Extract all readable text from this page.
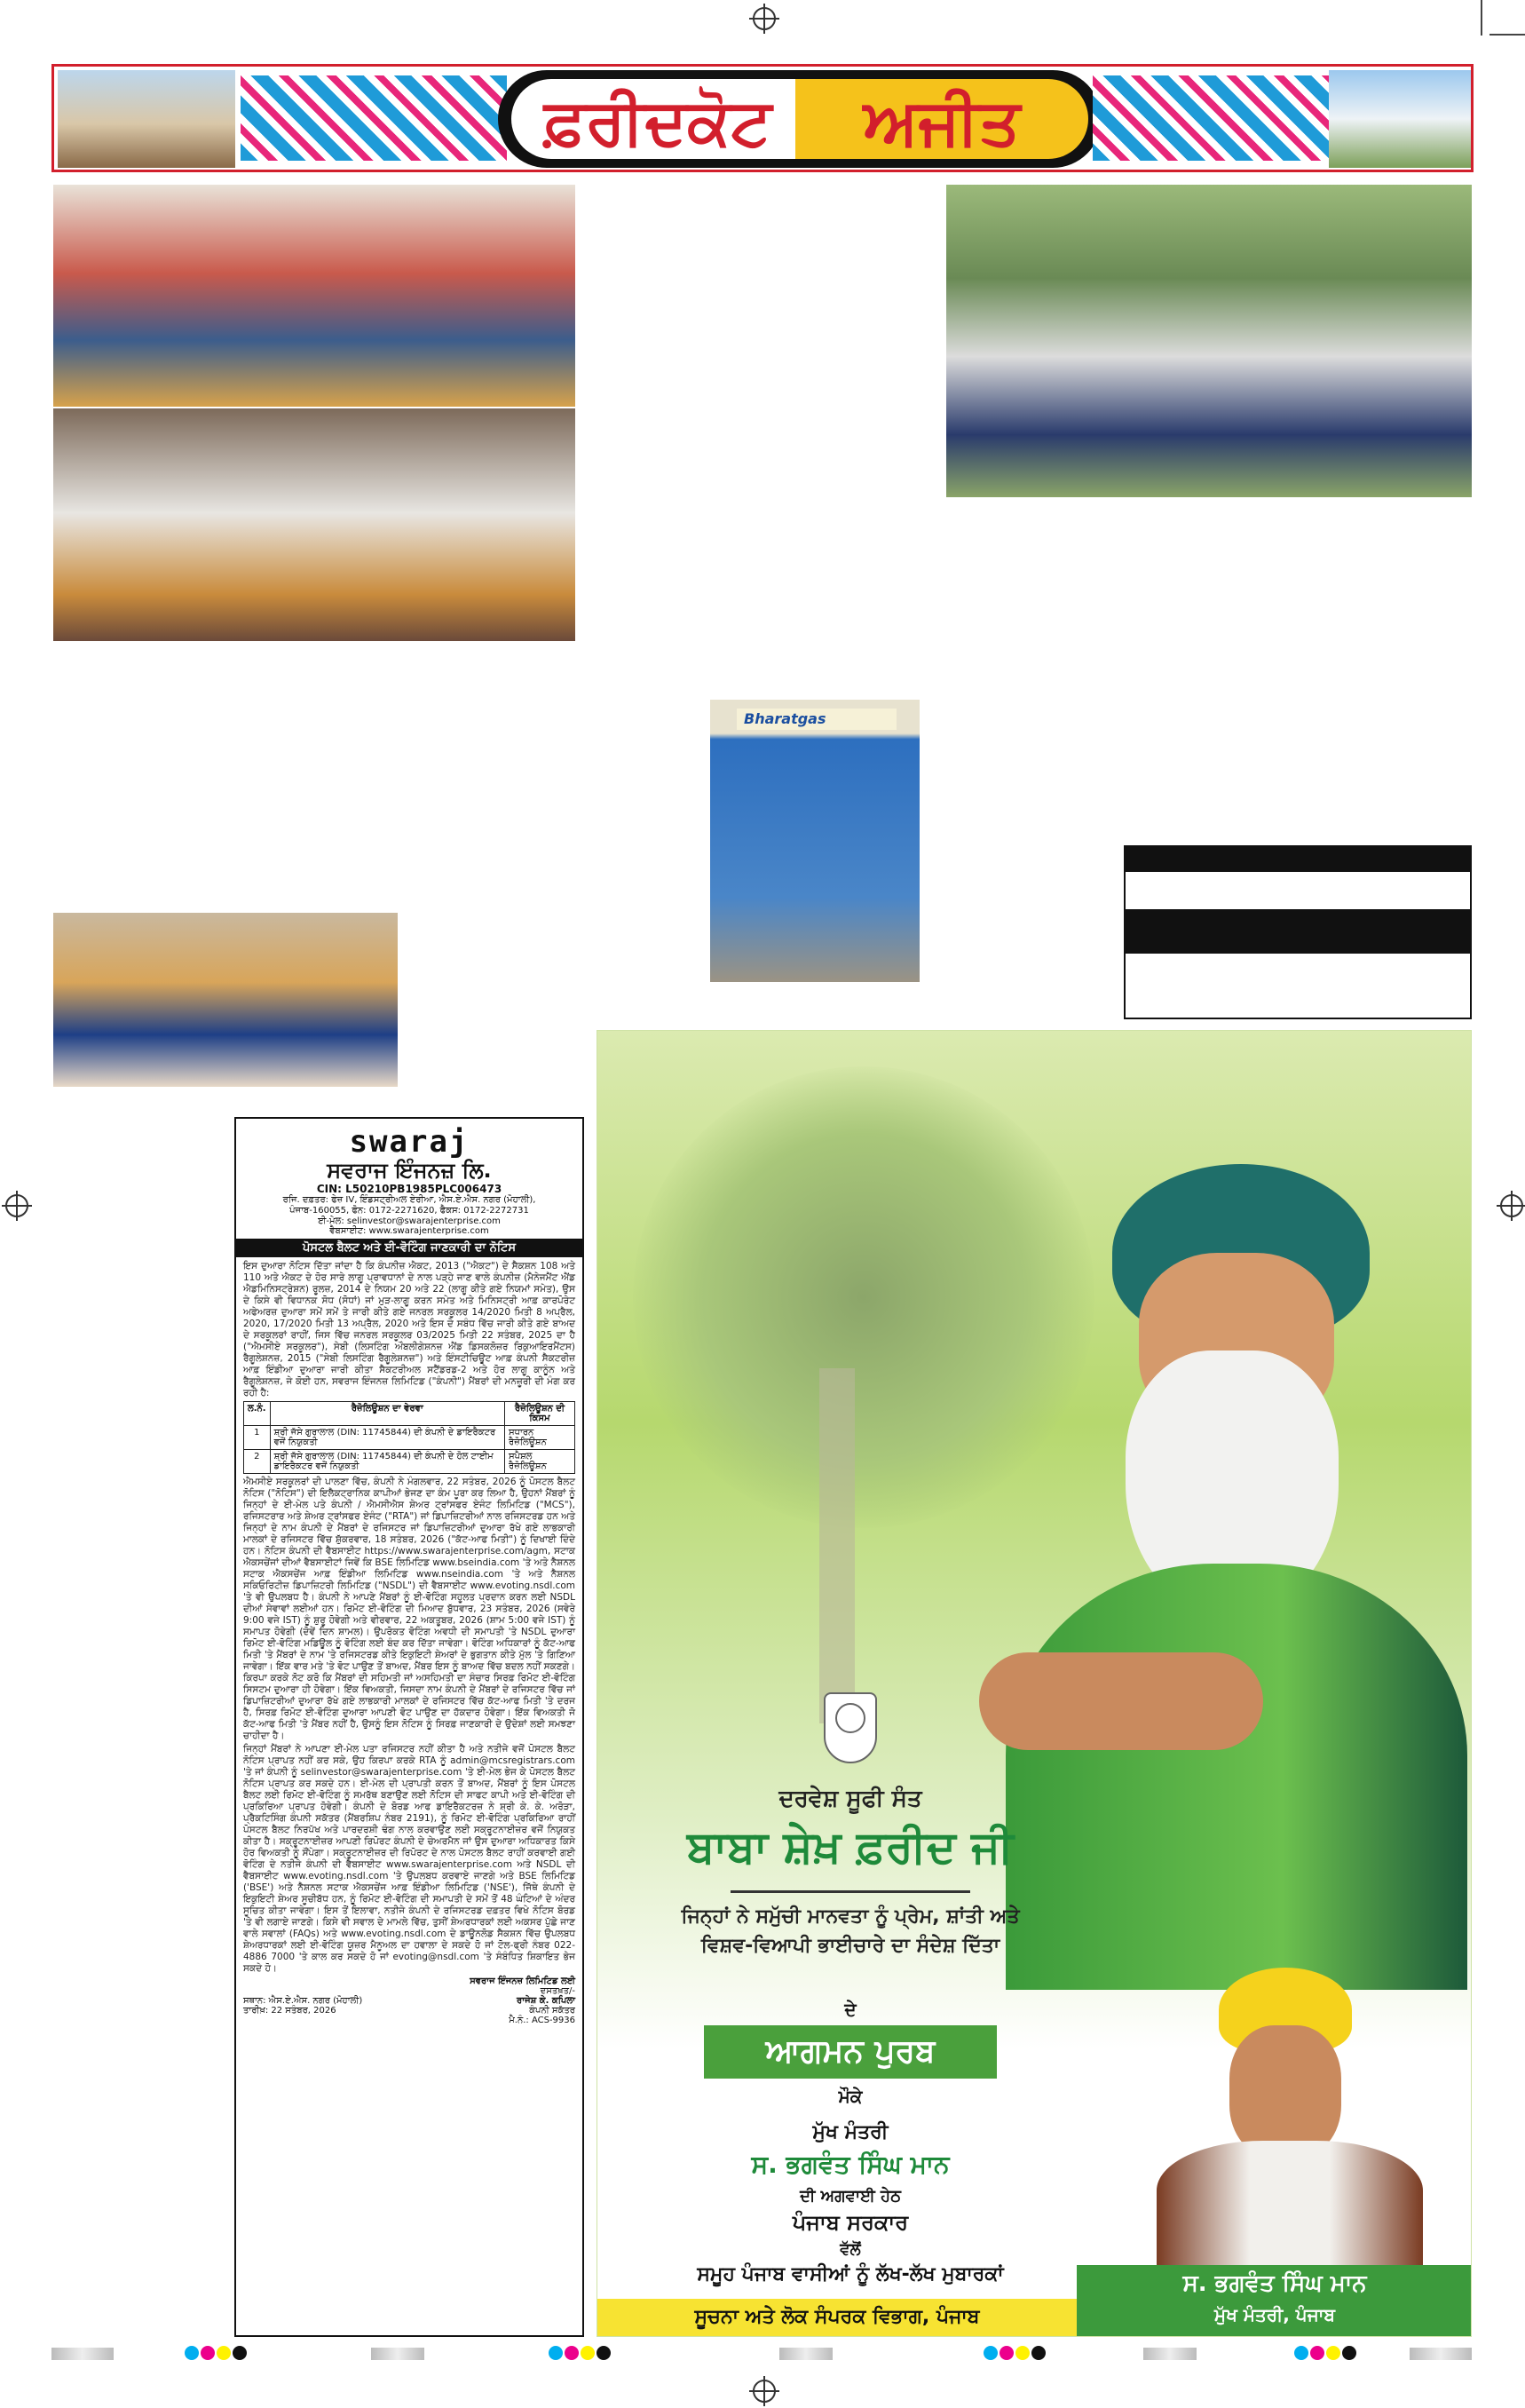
ਫ਼ਰੀਦਕੋਟ	ਅਜੀਤ
Bharatgas
swaraj
ਸਵਰਾਜ ਇੰਜਨਜ਼ ਲਿ.
CIN: L50210PB1985PLC006473
ਰਜਿ. ਦਫ਼ਤਰ: ਫੇਜ਼ IV, ਇੰਡਸਟ੍ਰੀਅਲ ਏਰੀਆ, ਐਸ.ਏ.ਐਸ. ਨਗਰ (ਮੋਹਾਲੀ), ਪੰਜਾਬ-160055, ਫੋਨ: 0172-2271620, ਫੈਕਸ: 0172-2272731
ਈ-ਮੇਲ: selinvestor@swarajenterprise.com
ਵੈਬਸਾਈਟ: www.swarajenterprise.com
ਪੋਸਟਲ ਬੈਲਟ ਅਤੇ ਈ-ਵੋਟਿੰਗ ਜਾਣਕਾਰੀ ਦਾ ਨੋਟਿਸ

ਇਸ ਦੁਆਰਾ ਨੋਟਿਸ ਦਿੱਤਾ ਜਾਂਦਾ ਹੈ ਕਿ ਕੰਪਨੀਜ਼ ਐਕਟ, 2013 ("ਐਕਟ") ਦੇ ਸੈਕਸ਼ਨ 108 ਅਤੇ 110 ਅਤੇ ਐਕਟ ਦੇ ਹੋਰ ਸਾਰੇ ਲਾਗੂ ਪ੍ਰਾਵਧਾਨਾਂ ਦੇ ਨਾਲ ਪੜ੍ਹੇ ਜਾਣ ਵਾਲੇ ਕੰਪਨੀਜ਼ (ਮੈਨੇਜਮੈਂਟ ਐਂਡ ਐਡਮਿਨਿਸਟ੍ਰੇਸ਼ਨ) ਰੂਲਜ਼, 2014 ਦੇ ਨਿਯਮ 20 ਅਤੇ 22 (ਲਾਗੂ ਕੀਤੇ ਗਏ ਨਿਯਮਾਂ ਸਮੇਤ), ਉਸ ਦੇ ਕਿਸੇ ਵੀ ਵਿਧਾਨਕ ਸੋਧ (ਸੋਧਾਂ) ਜਾਂ ਮੁੜ-ਲਾਗੂ ਕਰਨ ਸਮੇਤ ਅਤੇ ਮਿਨਿਸਟ੍ਰੀ ਆਫ਼ ਕਾਰਪੋਰੇਟ ਅਫੇਅਰਜ਼ ਦੁਆਰਾ ਸਮੇਂ ਸਮੇਂ ਤੇ ਜਾਰੀ ਕੀਤੇ ਗਏ ਜਨਰਲ ਸਰਕੂਲਰ 14/2020 ਮਿਤੀ 8 ਅਪ੍ਰੈਲ, 2020, 17/2020 ਮਿਤੀ 13 ਅਪ੍ਰੈਲ, 2020 ਅਤੇ ਇਸ ਦੇ ਸਬੰਧ ਵਿੱਚ ਜਾਰੀ ਕੀਤੇ ਗਏ ਬਾਅਦ ਦੇ ਸਰਕੂਲਰਾਂ ਰਾਹੀਂ, ਜਿਸ ਵਿੱਚ ਜਨਰਲ ਸਰਕੂਲਰ 03/2025 ਮਿਤੀ 22 ਸਤੰਬਰ, 2025 ਦਾ ਹੈ ("ਐਮਸੀਏ ਸਰਕੂਲਰ"), ਸੇਬੀ (ਲਿਸਟਿੰਗ ਔਬਲੀਗੇਸ਼ਨਜ਼ ਐਂਡ ਡਿਸਕਲੋਜ਼ਰ ਰਿਕੁਆਇਰਮੈਂਟਸ) ਰੈਗੂਲੇਸ਼ਨਜ਼, 2015 ("ਸੇਬੀ ਲਿਸਟਿੰਗ ਰੈਗੂਲੇਸ਼ਨਜ਼") ਅਤੇ ਇੰਸਟੀਚਿਊਟ ਆਫ਼ ਕੰਪਨੀ ਸੈਕਟਰੀਜ਼ ਆਫ਼ ਇੰਡੀਆ ਦੁਆਰਾ ਜਾਰੀ ਕੀਤਾ ਸੈਕਟਰੀਅਲ ਸਟੈਂਡਰਡ-2 ਅਤੇ ਹੋਰ ਲਾਗੂ ਕਾਨੂੰਨ ਅਤੇ ਰੈਗੂਲੇਸ਼ਨਜ਼, ਜੇ ਕੋਈ ਹਨ, ਸਵਰਾਜ ਇੰਜਨਜ਼ ਲਿਮਿਟਿਡ ("ਕੰਪਨੀ") ਮੈਂਬਰਾਂ ਦੀ ਮਨਜ਼ੂਰੀ ਦੀ ਮੰਗ ਕਰ ਰਹੀ ਹੈ:

ਲ.ਨੰ.	ਰੈਜ਼ੋਲਿਊਸ਼ਨ ਦਾ ਵੇਰਵਾ	ਰੈਜ਼ੋਲਿਊਸ਼ਨ ਦੀ ਕਿਸਮ
1	ਸ਼੍ਰੀ ਜੱਸੇ ਗੁਰਾਲਾਲ (DIN: 11745844) ਦੀ ਕੰਪਨੀ ਦੇ ਡਾਇਰੈਕਟਰ ਵਜੋਂ ਨਿਯੁਕਤੀ	ਸਧਾਰਨ ਰੈਜ਼ੋਲਿਊਸ਼ਨ
2	ਸ਼੍ਰੀ ਜੱਸੇ ਗੁਰਾਲਾਲ (DIN: 11745844) ਦੀ ਕੰਪਨੀ ਦੇ ਹੋਲ ਟਾਈਮ ਡਾਇਰੈਕਟਰ ਵਜੋਂ ਨਿਯੁਕਤੀ	ਸਪੈਸ਼ਲ ਰੈਜ਼ੋਲਿਊਸ਼ਨ

ਐਮਸੀਏ ਸਰਕੂਲਰਾਂ ਦੀ ਪਾਲਣਾ ਵਿੱਚ, ਕੰਪਨੀ ਨੇ ਮੰਗਲਵਾਰ, 22 ਸਤੰਬਰ, 2026 ਨੂੰ ਪੋਸਟਲ ਬੈਲਟ ਨੋਟਿਸ ("ਨੋਟਿਸ") ਦੀ ਇਲੈਕਟ੍ਰਾਨਿਕ ਕਾਪੀਆਂ ਭੇਜਣ ਦਾ ਕੰਮ ਪੂਰਾ ਕਰ ਲਿਆ ਹੈ, ਉਹਨਾਂ ਮੈਂਬਰਾਂ ਨੂੰ ਜਿਨ੍ਹਾਂ ਦੇ ਈ-ਮੇਲ ਪਤੇ ਕੰਪਨੀ / ਐਮਸੀਐਸ ਸ਼ੇਅਰ ਟ੍ਰਾਂਸਫਰ ਏਜੰਟ ਲਿਮਿਟਿਡ ("MCS"), ਰਜਿਸਟਰਾਰ ਅਤੇ ਸ਼ੇਅਰ ਟ੍ਰਾਂਸਫਰ ਏਜੰਟ ("RTA") ਜਾਂ ਡਿਪਾਜ਼ਿਟਰੀਆਂ ਨਾਲ ਰਜਿਸਟਰਡ ਹਨ ਅਤੇ ਜਿਨ੍ਹਾਂ ਦੇ ਨਾਮ ਕੰਪਨੀ ਦੇ ਮੈਂਬਰਾਂ ਦੇ ਰਜਿਸਟਰ ਜਾਂ ਡਿਪਾਜ਼ਿਟਰੀਆਂ ਦੁਆਰਾ ਰੱਖੇ ਗਏ ਲਾਭਕਾਰੀ ਮਾਲਕਾਂ ਦੇ ਰਜਿਸਟਰ ਵਿੱਚ ਸ਼ੁੱਕਰਵਾਰ, 18 ਸਤੰਬਰ, 2026 ("ਕੱਟ-ਆਫ ਮਿਤੀ") ਨੂੰ ਦਿਖਾਈ ਦਿੰਦੇ ਹਨ। ਨੋਟਿਸ ਕੰਪਨੀ ਦੀ ਵੈਬਸਾਈਟ https://www.swarajenterprise.com/agm, ਸਟਾਕ ਐਕਸਚੇਂਜਾਂ ਦੀਆਂ ਵੈਬਸਾਈਟਾਂ ਜਿਵੇਂ ਕਿ BSE ਲਿਮਿਟਿਡ www.bseindia.com 'ਤੇ ਅਤੇ ਨੈਸ਼ਨਲ ਸਟਾਕ ਐਕਸਚੇਂਜ ਆਫ਼ ਇੰਡੀਆ ਲਿਮਿਟਿਡ www.nseindia.com 'ਤੇ ਅਤੇ ਨੈਸ਼ਨਲ ਸਕਿਓਰਿਟੀਜ਼ ਡਿਪਾਜ਼ਿਟਰੀ ਲਿਮਿਟਿਡ ("NSDL") ਦੀ ਵੈਬਸਾਈਟ www.evoting.nsdl.com 'ਤੇ ਵੀ ਉਪਲਬਧ ਹੈ। ਕੰਪਨੀ ਨੇ ਆਪਣੇ ਮੈਂਬਰਾਂ ਨੂੰ ਈ-ਵੋਟਿੰਗ ਸਹੂਲਤ ਪ੍ਰਦਾਨ ਕਰਨ ਲਈ NSDL ਦੀਆਂ ਸੇਵਾਵਾਂ ਲਈਆਂ ਹਨ। ਰਿਮੋਟ ਈ-ਵੋਟਿੰਗ ਦੀ ਮਿਆਦ ਬੁੱਧਵਾਰ, 23 ਸਤੰਬਰ, 2026 (ਸਵੇਰੇ 9:00 ਵਜੇ IST) ਨੂੰ ਸ਼ੁਰੂ ਹੋਵੇਗੀ ਅਤੇ ਵੀਰਵਾਰ, 22 ਅਕਤੂਬਰ, 2026 (ਸ਼ਾਮ 5:00 ਵਜੇ IST) ਨੂੰ ਸਮਾਪਤ ਹੋਵੇਗੀ (ਦੋਵੇਂ ਦਿਨ ਸ਼ਾਮਲ)। ਉਪਰੋਕਤ ਵੋਟਿੰਗ ਅਵਧੀ ਦੀ ਸਮਾਪਤੀ 'ਤੇ NSDL ਦੁਆਰਾ ਰਿਮੋਟ ਈ-ਵੋਟਿੰਗ ਮਡਿਊਲ ਨੂੰ ਵੋਟਿੰਗ ਲਈ ਬੰਦ ਕਰ ਦਿੱਤਾ ਜਾਵੇਗਾ। ਵੋਟਿੰਗ ਅਧਿਕਾਰਾਂ ਨੂੰ ਕੱਟ-ਆਫ ਮਿਤੀ 'ਤੇ ਮੈਂਬਰਾਂ ਦੇ ਨਾਮ 'ਤੇ ਰਜਿਸਟਰਡ ਕੀਤੇ ਇਕੁਇਟੀ ਸ਼ੇਅਰਾਂ ਦੇ ਭੁਗਤਾਨ ਕੀਤੇ ਮੁੱਲ 'ਤੇ ਗਿਣਿਆ ਜਾਵੇਗਾ। ਇੱਕ ਵਾਰ ਮਤੇ 'ਤੇ ਵੋਟ ਪਾਉਣ ਤੋਂ ਬਾਅਦ, ਮੈਂਬਰ ਇਸ ਨੂੰ ਬਾਅਦ ਵਿੱਚ ਬਦਲ ਨਹੀਂ ਸਕਣਗੇ। ਕਿਰਪਾ ਕਰਕੇ ਨੋਟ ਕਰੋ ਕਿ ਮੈਂਬਰਾਂ ਦੀ ਸਹਿਮਤੀ ਜਾਂ ਅਸਹਿਮਤੀ ਦਾ ਸੰਚਾਰ ਸਿਰਫ਼ ਰਿਮੋਟ ਈ-ਵੋਟਿੰਗ ਸਿਸਟਮ ਦੁਆਰਾ ਹੀ ਹੋਵੇਗਾ। ਇੱਕ ਵਿਅਕਤੀ, ਜਿਸਦਾ ਨਾਮ ਕੰਪਨੀ ਦੇ ਮੈਂਬਰਾਂ ਦੇ ਰਜਿਸਟਰ ਵਿੱਚ ਜਾਂ ਡਿਪਾਜ਼ਿਟਰੀਆਂ ਦੁਆਰਾ ਰੱਖੇ ਗਏ ਲਾਭਕਾਰੀ ਮਾਲਕਾਂ ਦੇ ਰਜਿਸਟਰ ਵਿੱਚ ਕੱਟ-ਆਫ ਮਿਤੀ 'ਤੇ ਦਰਜ ਹੈ, ਸਿਰਫ਼ ਰਿਮੋਟ ਈ-ਵੋਟਿੰਗ ਦੁਆਰਾ ਆਪਣੀ ਵੋਟ ਪਾਉਣ ਦਾ ਹੱਕਦਾਰ ਹੋਵੇਗਾ। ਇੱਕ ਵਿਅਕਤੀ ਜੋ ਕੱਟ-ਆਫ ਮਿਤੀ 'ਤੇ ਮੈਂਬਰ ਨਹੀਂ ਹੈ, ਉਸਨੂੰ ਇਸ ਨੋਟਿਸ ਨੂੰ ਸਿਰਫ਼ ਜਾਣਕਾਰੀ ਦੇ ਉਦੇਸ਼ਾਂ ਲਈ ਸਮਝਣਾ ਚਾਹੀਦਾ ਹੈ।

ਜਿਨ੍ਹਾਂ ਮੈਂਬਰਾਂ ਨੇ ਆਪਣਾ ਈ-ਮੇਲ ਪਤਾ ਰਜਿਸਟਰ ਨਹੀਂ ਕੀਤਾ ਹੈ ਅਤੇ ਨਤੀਜੇ ਵਜੋਂ ਪੋਸਟਲ ਬੈਲਟ ਨੋਟਿਸ ਪ੍ਰਾਪਤ ਨਹੀਂ ਕਰ ਸਕੇ, ਉਹ ਕਿਰਪਾ ਕਰਕੇ RTA ਨੂੰ admin@mcsregistrars.com 'ਤੇ ਜਾਂ ਕੰਪਨੀ ਨੂੰ selinvestor@swarajenterprise.com 'ਤੇ ਈ-ਮੇਲ ਭੇਜ ਕੇ ਪੋਸਟਲ ਬੈਲਟ ਨੋਟਿਸ ਪ੍ਰਾਪਤ ਕਰ ਸਕਦੇ ਹਨ। ਈ-ਮੇਲ ਦੀ ਪ੍ਰਾਪਤੀ ਕਰਨ ਤੋਂ ਬਾਅਦ, ਮੈਂਬਰਾਂ ਨੂੰ ਇਸ ਪੋਸਟਲ ਬੈਲਟ ਲਈ ਰਿਮੋਟ ਈ-ਵੋਟਿੰਗ ਨੂੰ ਸਮਰੱਥ ਬਣਾਉਣ ਲਈ ਨੋਟਿਸ ਦੀ ਸਾਫਟ ਕਾਪੀ ਅਤੇ ਈ-ਵੋਟਿੰਗ ਦੀ ਪ੍ਰਕਿਰਿਆ ਪ੍ਰਾਪਤ ਹੋਵੇਗੀ। ਕੰਪਨੀ ਦੇ ਬੋਰਡ ਆਫ ਡਾਇਰੈਕਟਰਜ਼ ਨੇ ਸ਼੍ਰੀ ਕੇ. ਕੇ. ਅਰੋੜਾ, ਪ੍ਰੈਕਟਿਸਿੰਗ ਕੰਪਨੀ ਸਕੱਤਰ (ਮੈਂਬਰਸ਼ਿਪ ਨੰਬਰ 2191), ਨੂੰ ਰਿਮੋਟ ਈ-ਵੋਟਿੰਗ ਪ੍ਰਕਿਰਿਆ ਰਾਹੀਂ ਪੋਸਟਲ ਬੈਲਟ ਨਿਰਪੱਖ ਅਤੇ ਪਾਰਦਰਸ਼ੀ ਢੰਗ ਨਾਲ ਕਰਵਾਉਣ ਲਈ ਸਕ੍ਰੂਟਨਾਈਜ਼ਰ ਵਜੋਂ ਨਿਯੁਕਤ ਕੀਤਾ ਹੈ। ਸਕ੍ਰੂਟਨਾਈਜ਼ਰ ਆਪਣੀ ਰਿਪੋਰਟ ਕੰਪਨੀ ਦੇ ਚੇਅਰਮੈਨ ਜਾਂ ਉਸ ਦੁਆਰਾ ਅਧਿਕਾਰਤ ਕਿਸੇ ਹੋਰ ਵਿਅਕਤੀ ਨੂੰ ਸੌਂਪੇਗਾ। ਸਕ੍ਰੂਟਨਾਈਜ਼ਰ ਦੀ ਰਿਪੋਰਟ ਦੇ ਨਾਲ ਪੋਸਟਲ ਬੈਲਟ ਰਾਹੀਂ ਕਰਵਾਈ ਗਈ ਵੋਟਿੰਗ ਦੇ ਨਤੀਜੇ ਕੰਪਨੀ ਦੀ ਵੈਬਸਾਈਟ www.swarajenterprise.com ਅਤੇ NSDL ਦੀ ਵੈਬਸਾਈਟ www.evoting.nsdl.com 'ਤੇ ਉਪਲਬਧ ਕਰਵਾਏ ਜਾਣਗੇ ਅਤੇ BSE ਲਿਮਿਟਿਡ ('BSE') ਅਤੇ ਨੈਸ਼ਨਲ ਸਟਾਕ ਐਕਸਚੇਂਜ ਆਫ਼ ਇੰਡੀਆ ਲਿਮਿਟਿਡ ('NSE'), ਜਿੱਥੇ ਕੰਪਨੀ ਦੇ ਇਕੁਇਟੀ ਸ਼ੇਅਰ ਸੂਚੀਬੱਧ ਹਨ, ਨੂੰ ਰਿਮੋਟ ਈ-ਵੋਟਿੰਗ ਦੀ ਸਮਾਪਤੀ ਦੇ ਸਮੇਂ ਤੋਂ 48 ਘੰਟਿਆਂ ਦੇ ਅੰਦਰ ਸੂਚਿਤ ਕੀਤਾ ਜਾਵੇਗਾ। ਇਸ ਤੋਂ ਇਲਾਵਾ, ਨਤੀਜੇ ਕੰਪਨੀ ਦੇ ਰਜਿਸਟਰਡ ਦਫ਼ਤਰ ਵਿਖੇ ਨੋਟਿਸ ਬੋਰਡ 'ਤੇ ਵੀ ਲਗਾਏ ਜਾਣਗੇ। ਕਿਸੇ ਵੀ ਸਵਾਲ ਦੇ ਮਾਮਲੇ ਵਿੱਚ, ਤੁਸੀਂ ਸ਼ੇਅਰਧਾਰਕਾਂ ਲਈ ਅਕਸਰ ਪੁੱਛੇ ਜਾਣ ਵਾਲੇ ਸਵਾਲਾਂ (FAQs) ਅਤੇ www.evoting.nsdl.com ਦੇ ਡਾਊਨਲੋਡ ਸੈਕਸ਼ਨ ਵਿੱਚ ਉਪਲਬਧ ਸ਼ੇਅਰਧਾਰਕਾਂ ਲਈ ਈ-ਵੋਟਿੰਗ ਯੂਜ਼ਰ ਮੈਨੂਅਲ ਦਾ ਹਵਾਲਾ ਦੇ ਸਕਦੇ ਹੋ ਜਾਂ ਟੋਲ-ਫ੍ਰੀ ਨੰਬਰ 022-4886 7000 'ਤੇ ਕਾਲ ਕਰ ਸਕਦੇ ਹੋ ਜਾਂ evoting@nsdl.com 'ਤੇ ਸੰਬੰਧਿਤ ਸ਼ਿਕਾਇਤ ਭੇਜ ਸਕਦੇ ਹੋ।

ਸਵਰਾਜ ਇੰਜਨਜ਼ ਲਿਮਿਟਿਡ ਲਈ
ਦਸਤਖ਼ਤ/-
ਸਥਾਨ: ਐਸ.ਏ.ਐਸ. ਨਗਰ (ਮੋਹਾਲੀ)	ਰਾਜੇਸ਼ ਕੇ. ਕਪਿਲਾ
ਤਾਰੀਖ਼: 22 ਸਤੰਬਰ, 2026	ਕੰਪਨੀ ਸਕੱਤਰ
ਮੈ.ਨੰ.: ACS-9936
ਦਰਵੇਸ਼ ਸੂਫੀ ਸੰਤ
ਬਾਬਾ ਸ਼ੇਖ਼ ਫ਼ਰੀਦ ਜੀ
ਜਿਨ੍ਹਾਂ ਨੇ ਸਮੁੱਚੀ ਮਾਨਵਤਾ ਨੂੰ ਪ੍ਰੇਮ, ਸ਼ਾਂਤੀ ਅਤੇ
ਵਿਸ਼ਵ-ਵਿਆਪੀ ਭਾਈਚਾਰੇ ਦਾ ਸੰਦੇਸ਼ ਦਿੱਤਾ
ਦੇ
ਆਗਮਨ ਪੁਰਬ
ਮੌਕੇ
ਮੁੱਖ ਮੰਤਰੀ
ਸ. ਭਗਵੰਤ ਸਿੰਘ ਮਾਨ
ਦੀ ਅਗਵਾਈ ਹੇਠ
ਪੰਜਾਬ ਸਰਕਾਰ
ਵੱਲੋਂ
ਸਮੂਹ ਪੰਜਾਬ ਵਾਸੀਆਂ ਨੂੰ ਲੱਖ-ਲੱਖ ਮੁਬਾਰਕਾਂ
ਸੂਚਨਾ ਅਤੇ ਲੋਕ ਸੰਪਰਕ ਵਿਭਾਗ, ਪੰਜਾਬ
ਸ. ਭਗਵੰਤ ਸਿੰਘ ਮਾਨ
ਮੁੱਖ ਮੰਤਰੀ, ਪੰਜਾਬ
